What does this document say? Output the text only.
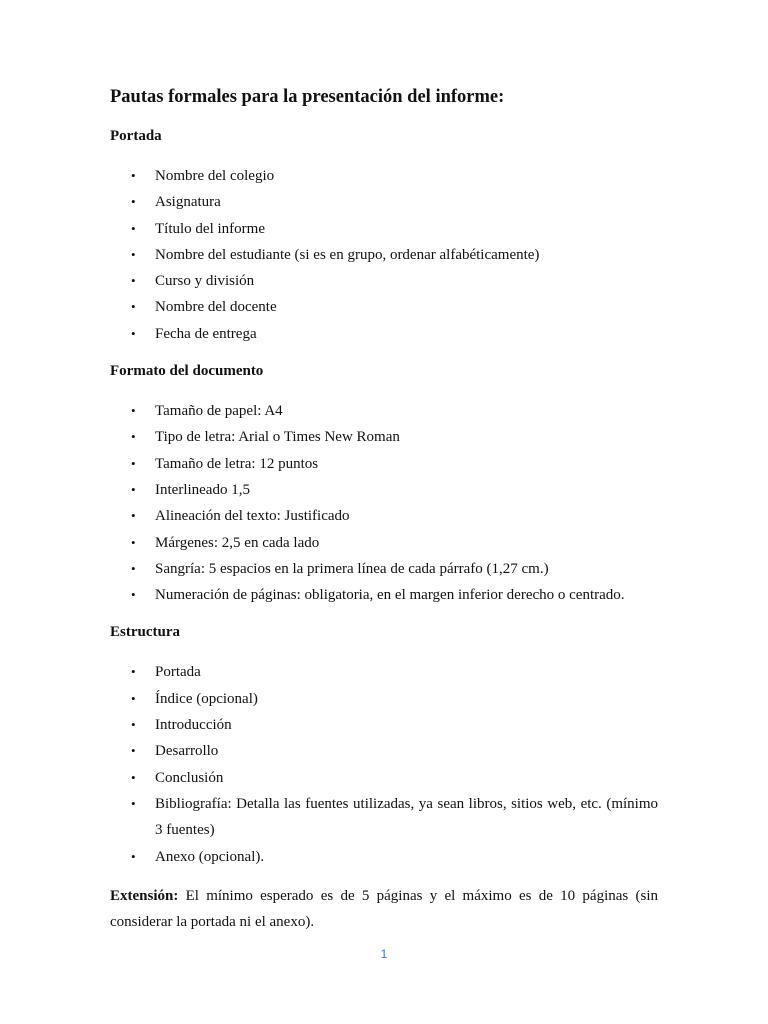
Pautas formales para la presentación del informe:
Portada
• Nombre del colegio
• Asignatura
• Título del informe
• Nombre del estudiante (si es en grupo, ordenar alfabéticamente)
• Curso y división
• Nombre del docente
• Fecha de entrega
Formato del documento
• Tamaño de papel: A4
• Tipo de letra: Arial o Times New Roman
• Tamaño de letra: 12 puntos
• Interlineado 1,5
• Alineación del texto: Justificado
• Márgenes: 2,5 en cada lado
• Sangría: 5 espacios en la primera línea de cada párrafo (1,27 cm.)
• Numeración de páginas: obligatoria, en el margen inferior derecho o centrado.
Estructura
• Portada
• Índice (opcional)
• Introducción
• Desarrollo
• Conclusión
• Bibliografía: Detalla las fuentes utilizadas, ya sean libros, sitios web, etc. (mínimo 3 fuentes)
• Anexo (opcional).

Extensión: El mínimo esperado es de 5 páginas y el máximo es de 10 páginas (sin considerar la portada ni el anexo).

1
